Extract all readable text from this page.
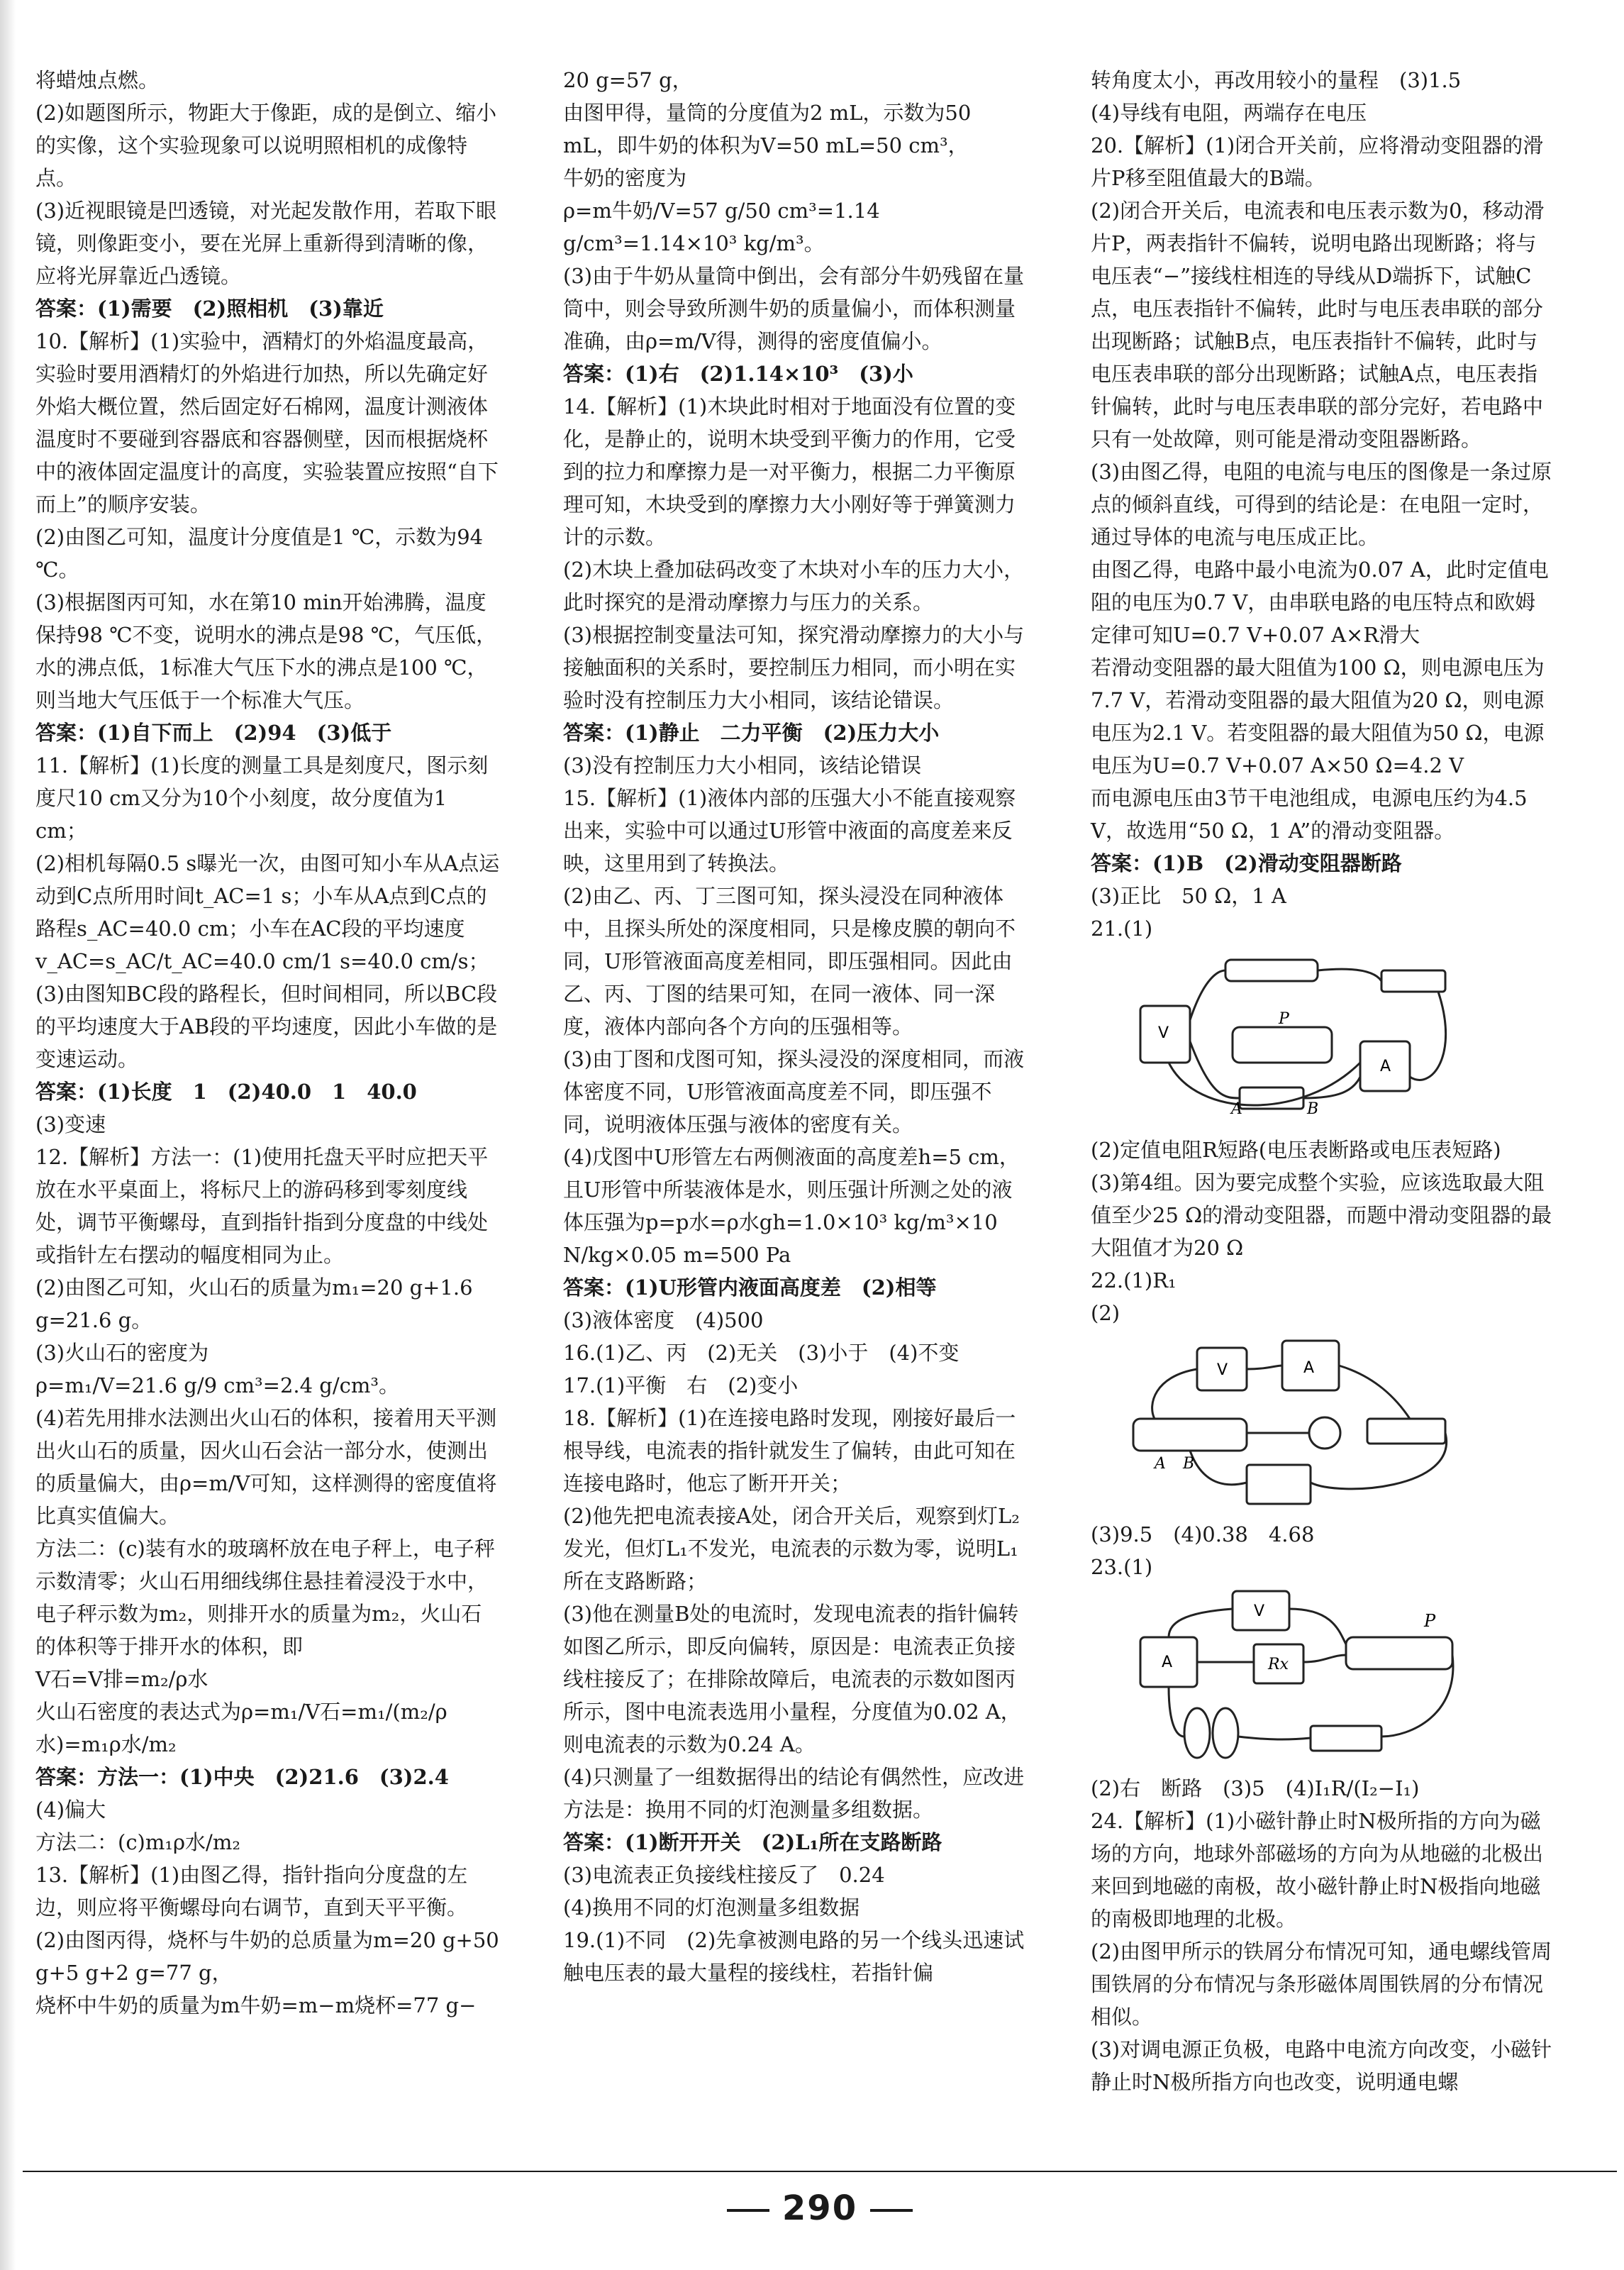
将蜡烛点燃。
(2)如题图所示，物距大于像距，成的是倒立、缩小的实像，这个实验现象可以说明照相机的成像特点。
(3)近视眼镜是凹透镜，对光起发散作用，若取下眼镜，则像距变小，要在光屏上重新得到清晰的像，应将光屏靠近凸透镜。
答案：(1)需要　(2)照相机　(3)靠近
10.【解析】(1)实验中，酒精灯的外焰温度最高，实验时要用酒精灯的外焰进行加热，所以先确定好外焰大概位置，然后固定好石棉网，温度计测液体温度时不要碰到容器底和容器侧壁，因而根据烧杯中的液体固定温度计的高度，实验装置应按照“自下而上”的顺序安装。
(2)由图乙可知，温度计分度值是1 ℃，示数为94 ℃。
(3)根据图丙可知，水在第10 min开始沸腾，温度保持98 ℃不变，说明水的沸点是98 ℃，气压低，水的沸点低，1标准大气压下水的沸点是100 ℃，则当地大气压低于一个标准大气压。
答案：(1)自下而上　(2)94　(3)低于
11.【解析】(1)长度的测量工具是刻度尺，图示刻度尺10 cm又分为10个小刻度，故分度值为1 cm；
(2)相机每隔0.5 s曝光一次，由图可知小车从A点运动到C点所用时间t_AC=1 s；小车从A点到C点的路程s_AC=40.0 cm；小车在AC段的平均速度
v_AC=s_AC/t_AC=40.0 cm/1 s=40.0 cm/s；
(3)由图知BC段的路程长，但时间相同，所以BC段的平均速度大于AB段的平均速度，因此小车做的是变速运动。
答案：(1)长度　1　(2)40.0　1　40.0
(3)变速
12.【解析】方法一：(1)使用托盘天平时应把天平放在水平桌面上，将标尺上的游码移到零刻度线处，调节平衡螺母，直到指针指到分度盘的中线处或指针左右摆动的幅度相同为止。
(2)由图乙可知，火山石的质量为m₁=20 g+1.6 g=21.6 g。
(3)火山石的密度为
ρ=m₁/V=21.6 g/9 cm³=2.4 g/cm³。
(4)若先用排水法测出火山石的体积，接着用天平测出火山石的质量，因火山石会沾一部分水，使测出的质量偏大，由ρ=m/V可知，这样测得的密度值将比真实值偏大。
方法二：(c)装有水的玻璃杯放在电子秤上，电子秤示数清零；火山石用细线绑住悬挂着浸没于水中，电子秤示数为m₂，则排开水的质量为m₂，火山石的体积等于排开水的体积，即
V石=V排=m₂/ρ水
火山石密度的表达式为ρ=m₁/V石=m₁/(m₂/ρ水)=m₁ρ水/m₂
答案：方法一：(1)中央　(2)21.6　(3)2.4
(4)偏大
方法二：(c)m₁ρ水/m₂
13.【解析】(1)由图乙得，指针指向分度盘的左边，则应将平衡螺母向右调节，直到天平平衡。
(2)由图丙得，烧杯与牛奶的总质量为m=20 g+50 g+5 g+2 g=77 g，
烧杯中牛奶的质量为m牛奶=m−m烧杯=77 g−
20 g=57 g，
由图甲得，量筒的分度值为2 mL，示数为50 mL，即牛奶的体积为V=50 mL=50 cm³，
牛奶的密度为
ρ=m牛奶/V=57 g/50 cm³=1.14 g/cm³=1.14×10³ kg/m³。
(3)由于牛奶从量筒中倒出，会有部分牛奶残留在量筒中，则会导致所测牛奶的质量偏小，而体积测量准确，由ρ=m/V得，测得的密度值偏小。
答案：(1)右　(2)1.14×10³　(3)小
14.【解析】(1)木块此时相对于地面没有位置的变化，是静止的，说明木块受到平衡力的作用，它受到的拉力和摩擦力是一对平衡力，根据二力平衡原理可知，木块受到的摩擦力大小刚好等于弹簧测力计的示数。
(2)木块上叠加砝码改变了木块对小车的压力大小，此时探究的是滑动摩擦力与压力的关系。
(3)根据控制变量法可知，探究滑动摩擦力的大小与接触面积的关系时，要控制压力相同，而小明在实验时没有控制压力大小相同，该结论错误。
答案：(1)静止　二力平衡　(2)压力大小
(3)没有控制压力大小相同，该结论错误
15.【解析】(1)液体内部的压强大小不能直接观察出来，实验中可以通过U形管中液面的高度差来反映，这里用到了转换法。
(2)由乙、丙、丁三图可知，探头浸没在同种液体中，且探头所处的深度相同，只是橡皮膜的朝向不同，U形管液面高度差相同，即压强相同。因此由乙、丙、丁图的结果可知，在同一液体、同一深度，液体内部向各个方向的压强相等。
(3)由丁图和戊图可知，探头浸没的深度相同，而液体密度不同，U形管液面高度差不同，即压强不同，说明液体压强与液体的密度有关。
(4)戊图中U形管左右两侧液面的高度差h=5 cm，且U形管中所装液体是水，则压强计所测之处的液体压强为p=p水=ρ水gh=1.0×10³ kg/m³×10 N/kg×0.05 m=500 Pa
答案：(1)U形管内液面高度差　(2)相等
(3)液体密度　(4)500
16.(1)乙、丙　(2)无关　(3)小于　(4)不变
17.(1)平衡　右　(2)变小
18.【解析】(1)在连接电路时发现，刚接好最后一根导线，电流表的指针就发生了偏转，由此可知在连接电路时，他忘了断开开关；
(2)他先把电流表接A处，闭合开关后，观察到灯L₂发光，但灯L₁不发光，电流表的示数为零，说明L₁所在支路断路；
(3)他在测量B处的电流时，发现电流表的指针偏转如图乙所示，即反向偏转，原因是：电流表正负接线柱接反了；在排除故障后，电流表的示数如图丙所示，图中电流表选用小量程，分度值为0.02 A，则电流表的示数为0.24 A。
(4)只测量了一组数据得出的结论有偶然性，应改进方法是：换用不同的灯泡测量多组数据。
答案：(1)断开开关　(2)L₁所在支路断路
(3)电流表正负接线柱接反了　0.24
(4)换用不同的灯泡测量多组数据
19.(1)不同　(2)先拿被测电路的另一个线头迅速试触电压表的最大量程的接线柱，若指针偏
转角度太小，再改用较小的量程　(3)1.5
(4)导线有电阻，两端存在电压
20.【解析】(1)闭合开关前，应将滑动变阻器的滑片P移至阻值最大的B端。
(2)闭合开关后，电流表和电压表示数为0，移动滑片P，两表指针不偏转，说明电路出现断路；将与电压表“−”接线柱相连的导线从D端拆下，试触C点，电压表指针不偏转，此时与电压表串联的部分出现断路；试触B点，电压表指针不偏转，此时与电压表串联的部分出现断路；试触A点，电压表指针偏转，此时与电压表串联的部分完好，若电路中只有一处故障，则可能是滑动变阻器断路。
(3)由图乙得，电阻的电流与电压的图像是一条过原点的倾斜直线，可得到的结论是：在电阻一定时，通过导体的电流与电压成正比。
由图乙得，电路中最小电流为0.07 A，此时定值电阻的电压为0.7 V，由串联电路的电压特点和欧姆定律可知U=0.7 V+0.07 A×R滑大
若滑动变阻器的最大阻值为100 Ω，则电源电压为7.7 V，若滑动变阻器的最大阻值为20 Ω，则电源电压为2.1 V。若变阻器的最大阻值为50 Ω，电源电压为U=0.7 V+0.07 A×50 Ω=4.2 V
而电源电压由3节干电池组成，电源电压约为4.5 V，故选用“50 Ω，1 A”的滑动变阻器。
答案：(1)B　(2)滑动变阻器断路
(3)正比　50 Ω，1 A
21.(1)
V
A
A	B
P
(2)定值电阻R短路(电压表断路或电压表短路)
(3)第4组。因为要完成整个实验，应该选取最大阻值至少25 Ω的滑动变阻器，而题中滑动变阻器的最大阻值才为20 Ω
22.(1)R₁
(2)
V	A
A B
(3)9.5　(4)0.38　4.68
23.(1)
V
A	Rx
P
(2)右　断路　(3)5　(4)I₁R/(I₂−I₁)
24.【解析】(1)小磁针静止时N极所指的方向为磁场的方向，地球外部磁场的方向为从地磁的北极出来回到地磁的南极，故小磁针静止时N极指向地磁的南极即地理的北极。
(2)由图甲所示的铁屑分布情况可知，通电螺线管周围铁屑的分布情况与条形磁体周围铁屑的分布情况相似。
(3)对调电源正负极，电路中电流方向改变，小磁针静止时N极所指方向也改变，说明通电螺
290
